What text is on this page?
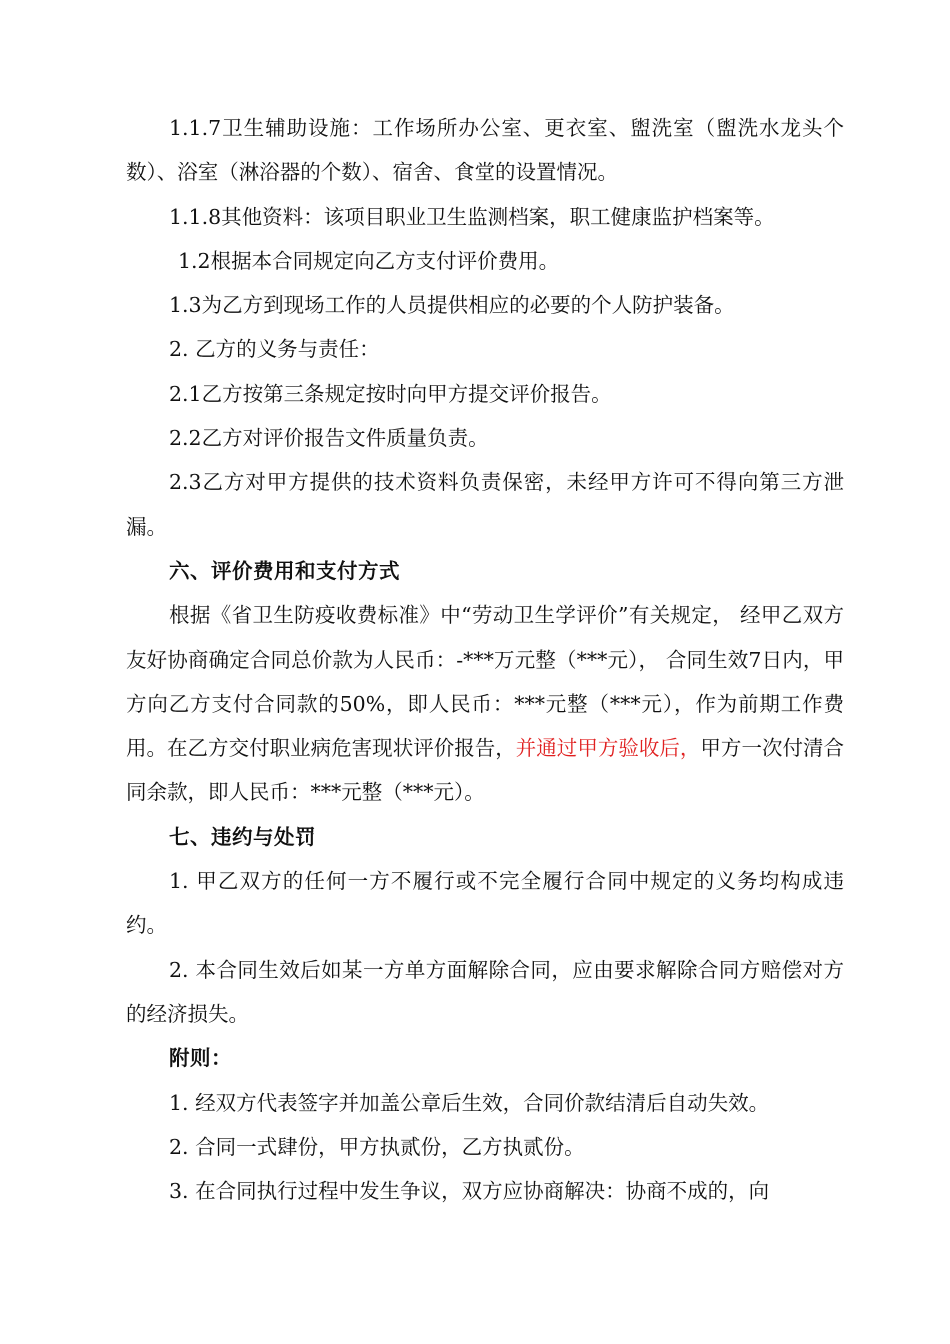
1.1.7卫生辅助设施：工作场所办公室、更衣室、盥洗室（盥洗水龙头个数）、浴室（淋浴器的个数）、宿舍、食堂的设置情况。

1.1.8其他资料：该项目职业卫生监测档案，职工健康监护档案等。

1.2根据本合同规定向乙方支付评价费用。

1.3为乙方到现场工作的人员提供相应的必要的个人防护装备。

2. 乙方的义务与责任：

2.1乙方按第三条规定按时向甲方提交评价报告。

2.2乙方对评价报告文件质量负责。

2.3乙方对甲方提供的技术资料负责保密，未经甲方许可不得向第三方泄漏。

六、评价费用和支付方式

根据《省卫生防疫收费标准》中“劳动卫生学评价”有关规定， 经甲乙双方友好协商确定合同总价款为人民币：-***万元整（***元）， 合同生效7日内，甲方向乙方支付合同款的50%，即人民币：***元整（***元），作为前期工作费用。在乙方交付职业病危害现状评价报告，并通过甲方验收后，甲方一次付清合同余款，即人民币：***元整（***元）。

七、违约与处罚

1. 甲乙双方的任何一方不履行或不完全履行合同中规定的义务均构成违约。

2. 本合同生效后如某一方单方面解除合同，应由要求解除合同方赔偿对方的经济损失。

附则：

1. 经双方代表签字并加盖公章后生效，合同价款结清后自动失效。

2. 合同一式肆份，甲方执贰份，乙方执贰份。

3. 在合同执行过程中发生争议，双方应协商解决：协商不成的，向
